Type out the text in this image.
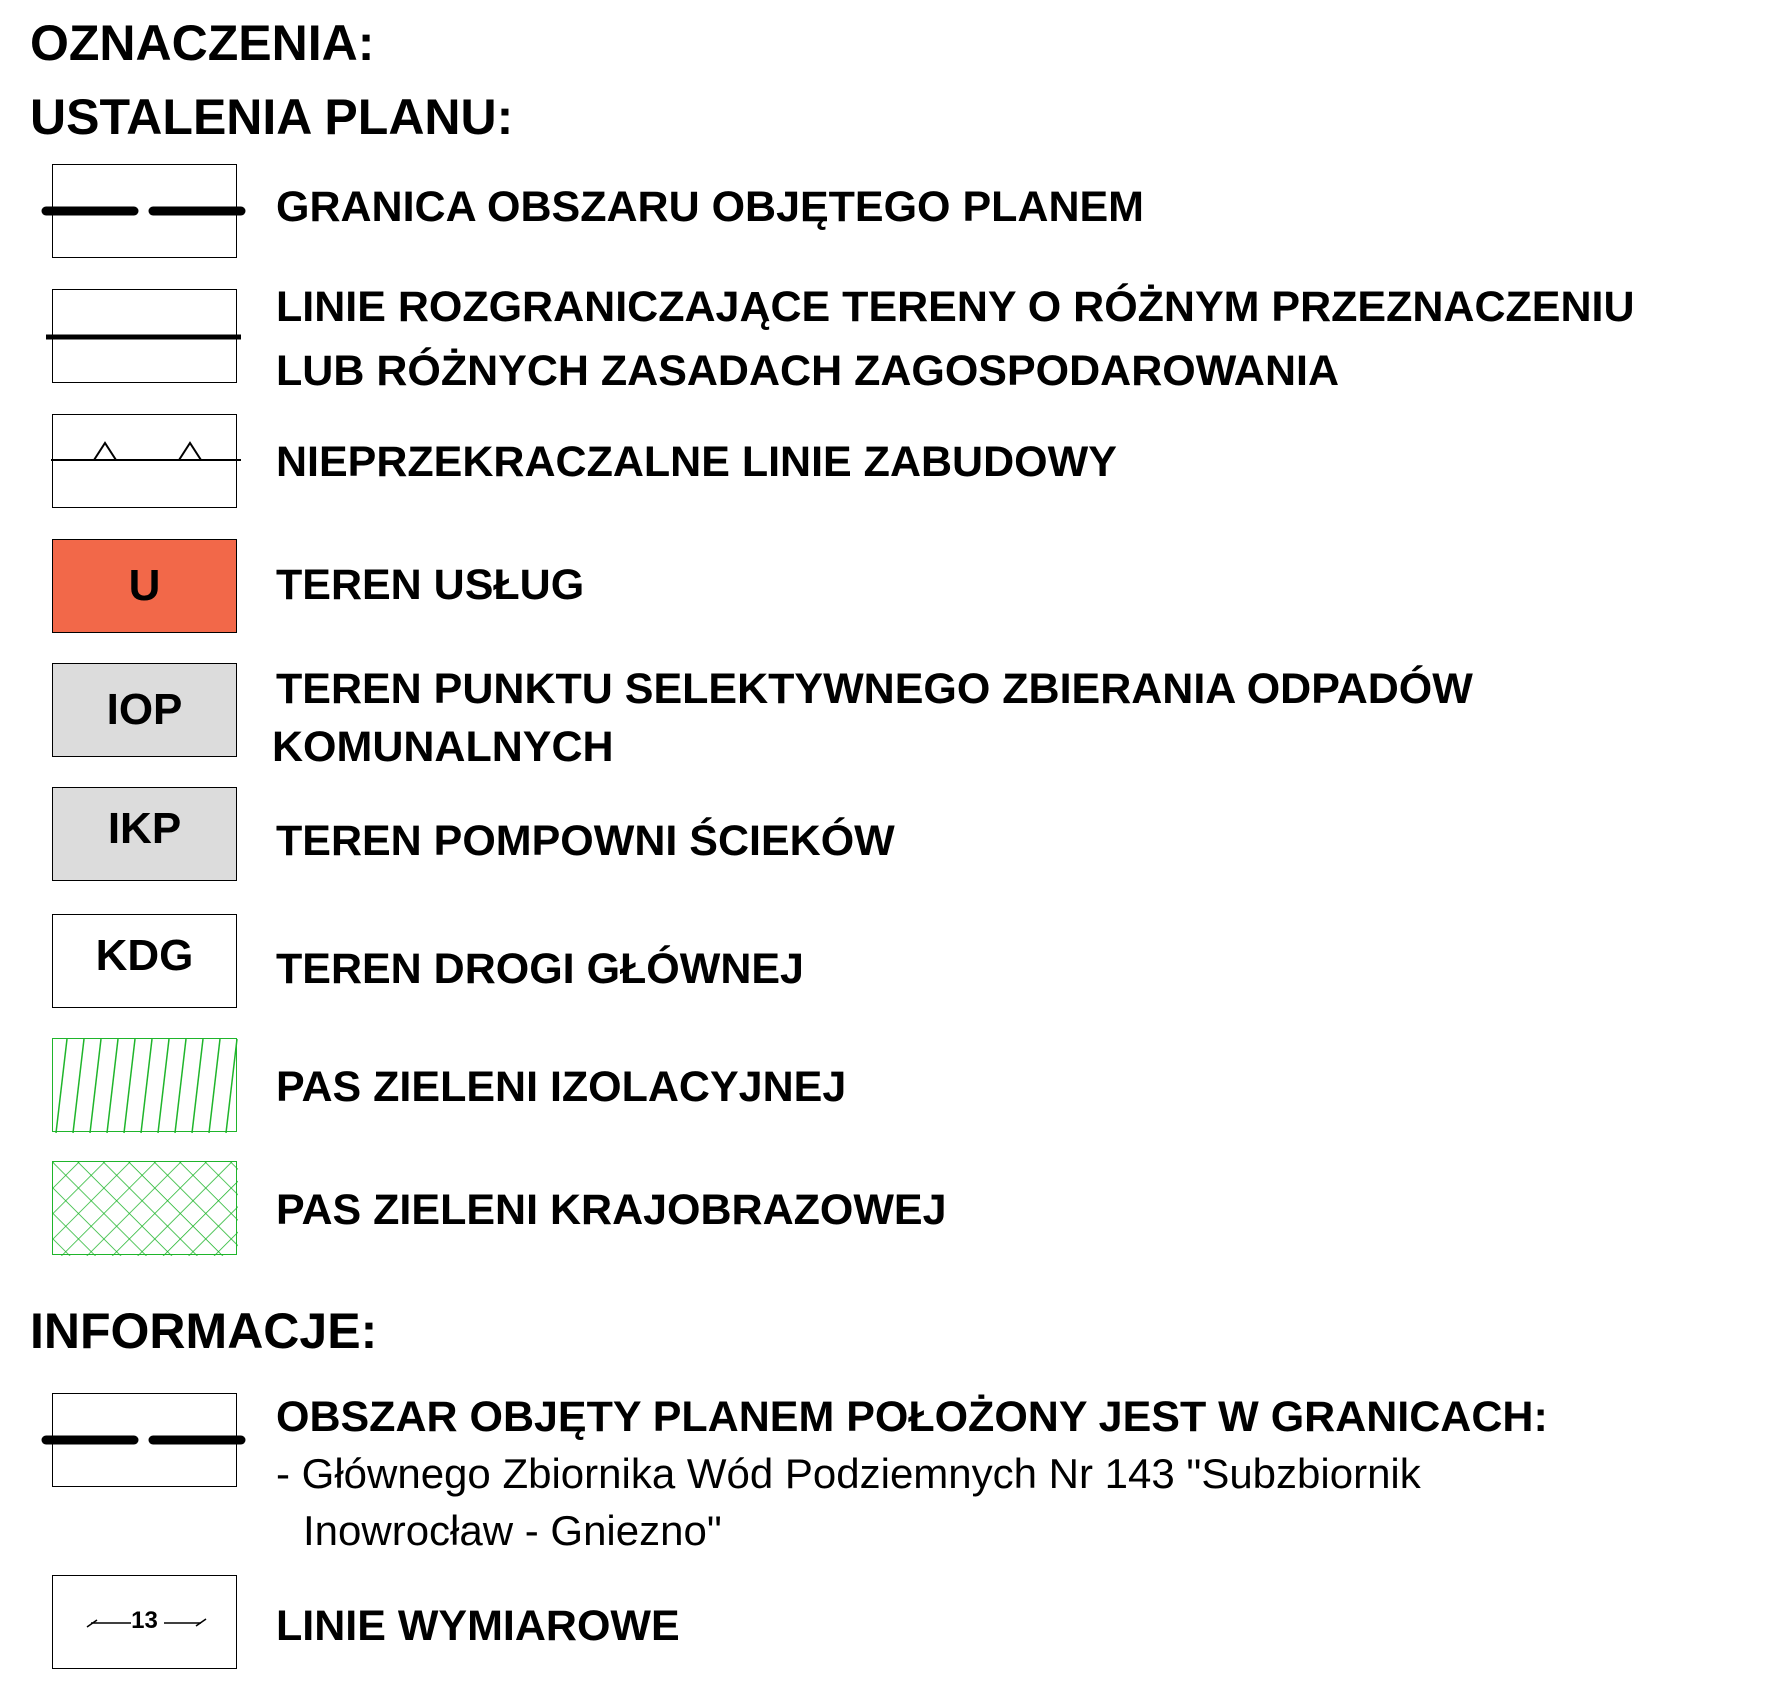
OZNACZENIA:
USTALENIA PLANU:
GRANICA OBSZARU OBJĘTEGO PLANEM
LINIE ROZGRANICZAJĄCE TERENY O RÓŻNYM PRZEZNACZENIU
LUB RÓŻNYCH ZASADACH ZAGOSPODAROWANIA
NIEPRZEKRACZALNE LINIE ZABUDOWY
U	TEREN USŁUG
IOP	TEREN PUNKTU SELEKTYWNEGO ZBIERANIA ODPADÓW
KOMUNALNYCH
IKP	TEREN POMPOWNI ŚCIEKÓW
KDG	TEREN DROGI GŁÓWNEJ
PAS ZIELENI IZOLACYJNEJ
PAS ZIELENI KRAJOBRAZOWEJ
INFORMACJE:
OBSZAR OBJĘTY PLANEM POŁOŻONY JEST W GRANICACH:
- Głównego Zbiornika Wód Podziemnych Nr 143 "Subzbiornik
Inowrocław - Gniezno"
13	LINIE WYMIAROWE
